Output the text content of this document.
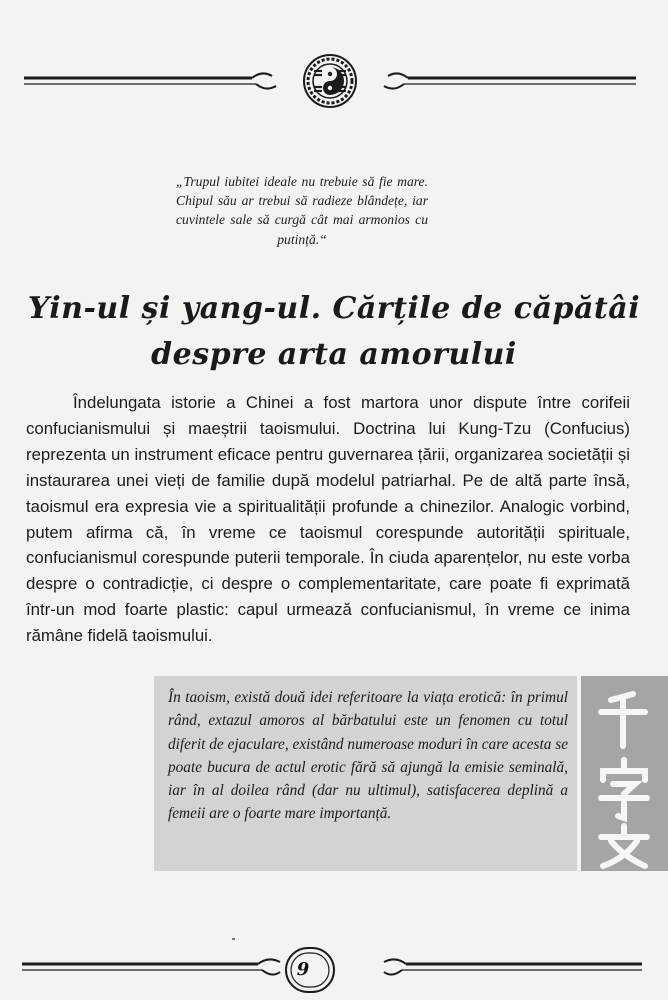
„Trupul iubitei ideale nu trebuie să fie mare. Chipul său ar trebui să radieze blândețe, iar cuvintele sale să curgă cât mai armonios cu putință.“
Yin-ul și yang-ul. Cărțile de căpătâi
despre arta amorului

Îndelungata istorie a Chinei a fost martora unor dispute între corifeii confucianismului și maeștrii taoismului. Doctrina lui Kung-Tzu (Confucius) reprezenta un instrument eficace pentru guvernarea țării, organizarea societății și instaurarea unei vieți de familie după modelul patriarhal. Pe de altă parte însă, taoismul era expresia vie a spiritualității profunde a chinezilor. Analogic vorbind, putem afirma că, în vreme ce taoismul corespunde autorității spirituale, confucianismul corespunde puterii temporale. În ciuda aparențelor, nu este vorba despre o contradicție, ci despre o complementaritate, care poate fi exprimată într-un mod foarte plastic: capul urmează confucianismul, în vreme ce inima rămâne fidelă taoismului.

În taoism, există două idei referitoare la viața erotică: în primul rând, extazul amoros al bărbatului este un fenomen cu totul diferit de ejaculare, existând numeroase moduri în care acesta se poate bucura de actul erotic fără să ajungă la emisie seminală, iar în al doilea rând (dar nu ultimul), satisfacerea deplină a femeii are o foarte mare importanță.

9
